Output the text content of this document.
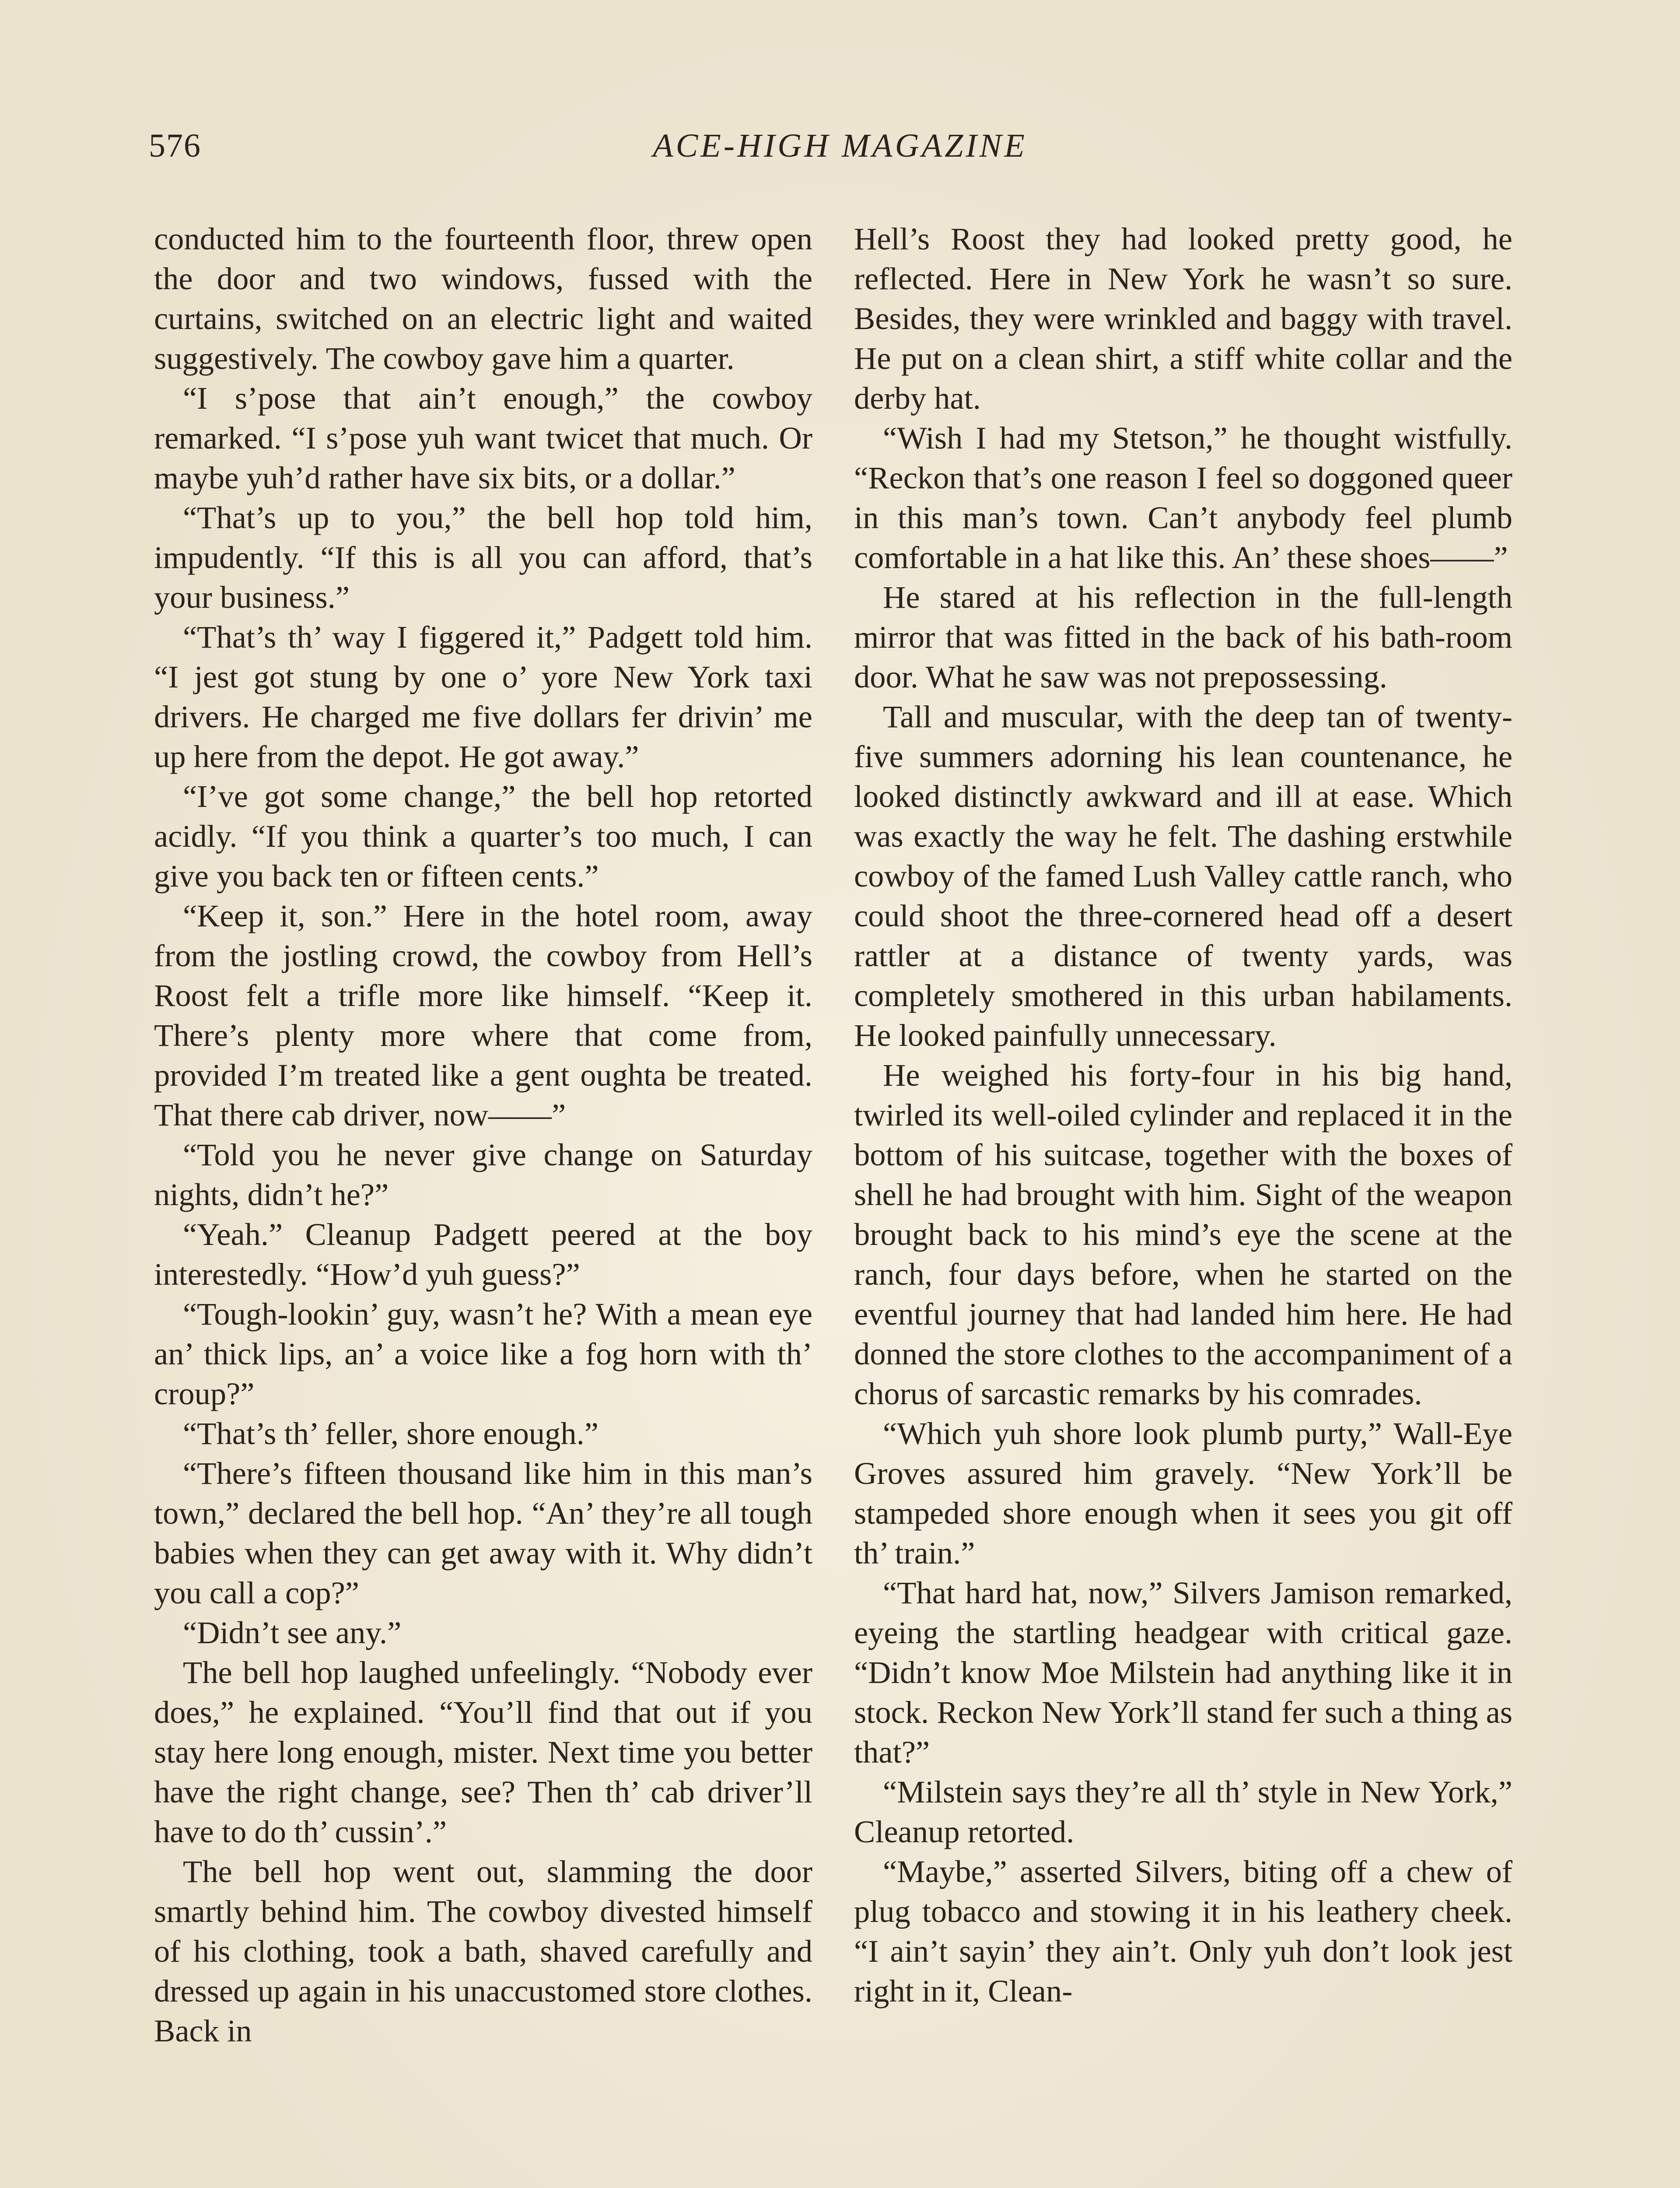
576	ACE-HIGH MAGAZINE

conducted him to the fourteenth floor, threw open the door and two windows, fussed with the curtains, switched on an electric light and waited suggestively. The cowboy gave him a quarter.

“I s’pose that ain’t enough,” the cowboy remarked. “I s’pose yuh want twicet that much. Or maybe yuh’d rather have six bits, or a dollar.”

“That’s up to you,” the bell hop told him, impudently. “If this is all you can afford, that’s your business.”

“That’s th’ way I figgered it,” Padgett told him. “I jest got stung by one o’ yore New York taxi drivers. He charged me five dollars fer drivin’ me up here from the depot. He got away.”

“I’ve got some change,” the bell hop retorted acidly. “If you think a quarter’s too much, I can give you back ten or fifteen cents.”

“Keep it, son.” Here in the hotel room, away from the jostling crowd, the cowboy from Hell’s Roost felt a trifle more like himself. “Keep it. There’s plenty more where that come from, provided I’m treated like a gent oughta be treated. That there cab driver, now——”

“Told you he never give change on Saturday nights, didn’t he?”

“Yeah.” Cleanup Padgett peered at the boy interestedly. “How’d yuh guess?”

“Tough-lookin’ guy, wasn’t he? With a mean eye an’ thick lips, an’ a voice like a fog horn with th’ croup?”

“That’s th’ feller, shore enough.”

“There’s fifteen thousand like him in this man’s town,” declared the bell hop. “An’ they’re all tough babies when they can get away with it. Why didn’t you call a cop?”

“Didn’t see any.”

The bell hop laughed unfeelingly. “Nobody ever does,” he explained. “You’ll find that out if you stay here long enough, mister. Next time you better have the right change, see? Then th’ cab driver’ll have to do th’ cussin’.”

The bell hop went out, slamming the door smartly behind him. The cowboy divested himself of his clothing, took a bath, shaved carefully and dressed up again in his unaccustomed store clothes. Back in

Hell’s Roost they had looked pretty good, he reflected. Here in New York he wasn’t so sure. Besides, they were wrinkled and baggy with travel. He put on a clean shirt, a stiff white collar and the derby hat.

“Wish I had my Stetson,” he thought wistfully. “Reckon that’s one reason I feel so doggoned queer in this man’s town. Can’t anybody feel plumb comfortable in a hat like this. An’ these shoes——”

He stared at his reflection in the full-length mirror that was fitted in the back of his bath-room door. What he saw was not prepossessing.

Tall and muscular, with the deep tan of twenty-five summers adorning his lean countenance, he looked distinctly awkward and ill at ease. Which was exactly the way he felt. The dashing erstwhile cowboy of the famed Lush Valley cattle ranch, who could shoot the three-cornered head off a desert rattler at a distance of twenty yards, was completely smothered in this urban habilaments. He looked painfully unnecessary.

He weighed his forty-four in his big hand, twirled its well-oiled cylinder and replaced it in the bottom of his suitcase, together with the boxes of shell he had brought with him. Sight of the weapon brought back to his mind’s eye the scene at the ranch, four days before, when he started on the eventful journey that had landed him here. He had donned the store clothes to the accompaniment of a chorus of sarcastic remarks by his comrades.

“Which yuh shore look plumb purty,” Wall-Eye Groves assured him gravely. “New York’ll be stampeded shore enough when it sees you git off th’ train.”

“That hard hat, now,” Silvers Jamison remarked, eyeing the startling headgear with critical gaze. “Didn’t know Moe Milstein had anything like it in stock. Reckon New York’ll stand fer such a thing as that?”

“Milstein says they’re all th’ style in New York,” Cleanup retorted.

“Maybe,” asserted Silvers, biting off a chew of plug tobacco and stowing it in his leathery cheek. “I ain’t sayin’ they ain’t. Only yuh don’t look jest right in it, Clean-
